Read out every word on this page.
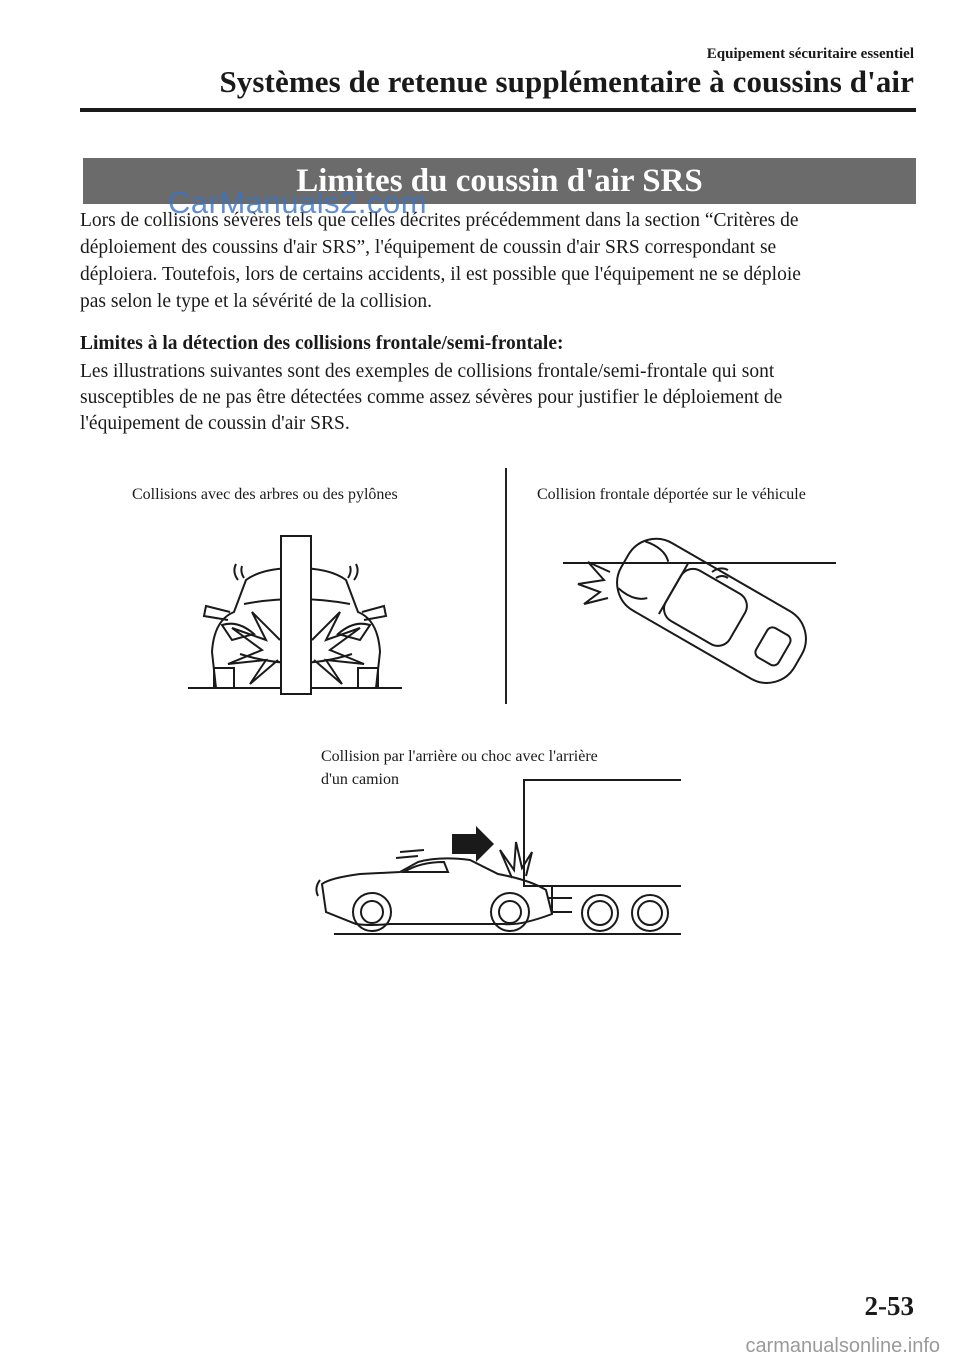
Equipement sécuritaire essentiel
Systèmes de retenue supplémentaire à coussins d'air
Limites du coussin d'air SRS
Lors de collisions sévères tels que celles décrites précédemment dans la section “Critères de
déploiement des coussins d'air SRS”, l'équipement de coussin d'air SRS correspondant se
déploiera. Toutefois, lors de certains accidents, il est possible que l'équipement ne se déploie
pas selon le type et la sévérité de la collision.
CarManuals2.com
Limites à la détection des collisions frontale/semi-frontale:
Les illustrations suivantes sont des exemples de collisions frontale/semi-frontale qui sont
susceptibles de ne pas être détectées comme assez sévères pour justifier le déploiement de
l'équipement de coussin d'air SRS.
Collisions avec des arbres ou des pylônes	Collision frontale déportée sur le véhicule
Collision par l'arrière ou choc avec l'arrière
d'un camion
2-53
carmanualsonline.info
